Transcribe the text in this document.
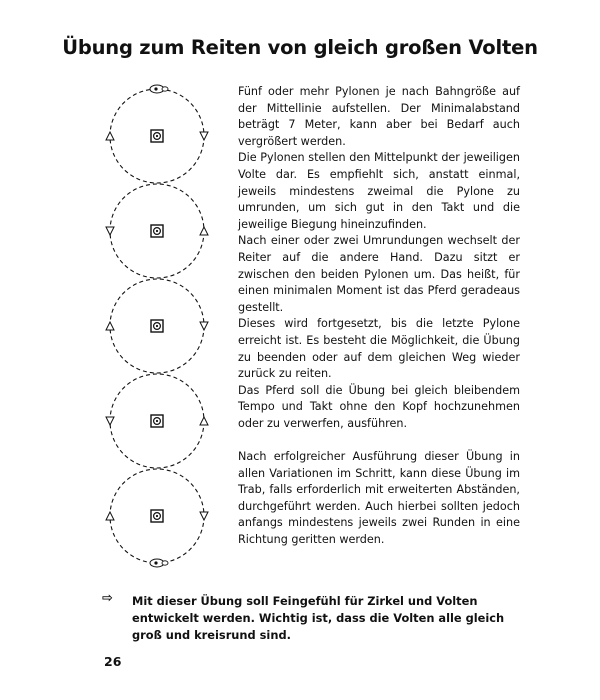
Übung zum Reiten von gleich großen Volten

Fünf oder mehr Pylonen je nach Bahngröße auf der Mittellinie aufstellen. Der Minimalabstand beträgt 7 Meter, kann aber bei Bedarf auch vergrößert werden.

Die Pylonen stellen den Mittelpunkt der jeweiligen Volte dar. Es empfiehlt sich, anstatt einmal, jeweils mindestens zweimal die Pylone zu umrunden, um sich gut in den Takt und die jeweilige Biegung hineinzufinden.

Nach einer oder zwei Umrundungen wechselt der Reiter auf die andere Hand. Dazu sitzt er zwischen den beiden Pylonen um. Das heißt, für einen minimalen Moment ist das Pferd geradeaus gestellt.

Dieses wird fortgesetzt, bis die letzte Pylone erreicht ist. Es besteht die Möglichkeit, die Übung zu beenden oder auf dem gleichen Weg wieder zurück zu reiten.

Das Pferd soll die Übung bei gleich bleibendem Tempo und Takt ohne den Kopf hochzunehmen oder zu verwerfen, ausführen.

Nach erfolgreicher Ausführung dieser Übung in allen Variationen im Schritt, kann diese Übung im Trab, falls erforderlich mit erweiterten Abständen, durchgeführt werden. Auch hierbei sollten jedoch anfangs mindestens jeweils zwei Runden in eine Richtung geritten werden.

⇨	Mit dieser Übung soll Feingefühl für Zirkel und Volten entwickelt werden. Wichtig ist, dass die Volten alle gleich groß und kreisrund sind.
26
